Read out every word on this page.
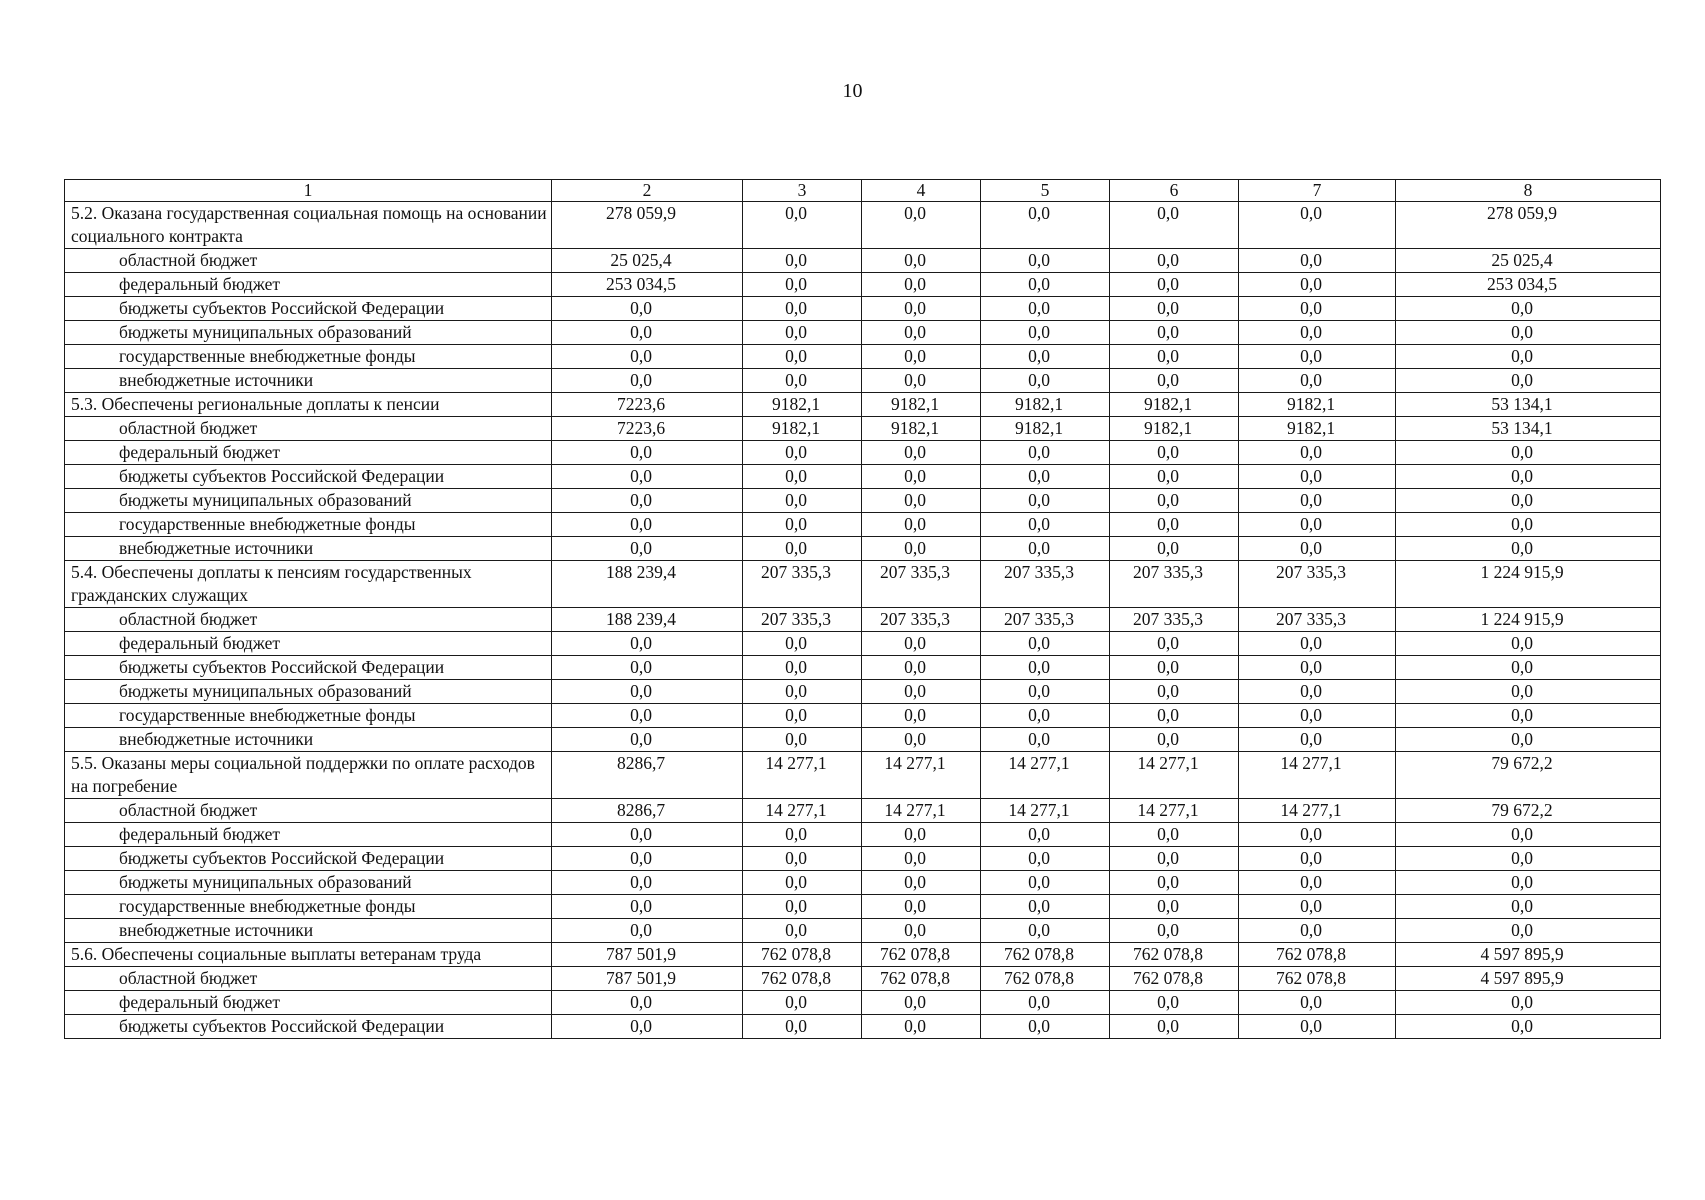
10
1	2	3	4	5	6	7	8
5.2. Оказана государственная социальная помощь на основании социального контракта	278 059,9	0,0	0,0	0,0	0,0	0,0	278 059,9
областной бюджет	25 025,4	0,0	0,0	0,0	0,0	0,0	25 025,4
федеральный бюджет	253 034,5	0,0	0,0	0,0	0,0	0,0	253 034,5
бюджеты субъектов Российской Федерации	0,0	0,0	0,0	0,0	0,0	0,0	0,0
бюджеты муниципальных образований	0,0	0,0	0,0	0,0	0,0	0,0	0,0
государственные внебюджетные фонды	0,0	0,0	0,0	0,0	0,0	0,0	0,0
внебюджетные источники	0,0	0,0	0,0	0,0	0,0	0,0	0,0
5.3. Обеспечены региональные доплаты к пенсии	7223,6	9182,1	9182,1	9182,1	9182,1	9182,1	53 134,1
областной бюджет	7223,6	9182,1	9182,1	9182,1	9182,1	9182,1	53 134,1
федеральный бюджет	0,0	0,0	0,0	0,0	0,0	0,0	0,0
бюджеты субъектов Российской Федерации	0,0	0,0	0,0	0,0	0,0	0,0	0,0
бюджеты муниципальных образований	0,0	0,0	0,0	0,0	0,0	0,0	0,0
государственные внебюджетные фонды	0,0	0,0	0,0	0,0	0,0	0,0	0,0
внебюджетные источники	0,0	0,0	0,0	0,0	0,0	0,0	0,0
5.4. Обеспечены доплаты к пенсиям государственных гражданских служащих	188 239,4	207 335,3	207 335,3	207 335,3	207 335,3	207 335,3	1 224 915,9
областной бюджет	188 239,4	207 335,3	207 335,3	207 335,3	207 335,3	207 335,3	1 224 915,9
федеральный бюджет	0,0	0,0	0,0	0,0	0,0	0,0	0,0
бюджеты субъектов Российской Федерации	0,0	0,0	0,0	0,0	0,0	0,0	0,0
бюджеты муниципальных образований	0,0	0,0	0,0	0,0	0,0	0,0	0,0
государственные внебюджетные фонды	0,0	0,0	0,0	0,0	0,0	0,0	0,0
внебюджетные источники	0,0	0,0	0,0	0,0	0,0	0,0	0,0
5.5. Оказаны меры социальной поддержки по оплате расходов на погребение	8286,7	14 277,1	14 277,1	14 277,1	14 277,1	14 277,1	79 672,2
областной бюджет	8286,7	14 277,1	14 277,1	14 277,1	14 277,1	14 277,1	79 672,2
федеральный бюджет	0,0	0,0	0,0	0,0	0,0	0,0	0,0
бюджеты субъектов Российской Федерации	0,0	0,0	0,0	0,0	0,0	0,0	0,0
бюджеты муниципальных образований	0,0	0,0	0,0	0,0	0,0	0,0	0,0
государственные внебюджетные фонды	0,0	0,0	0,0	0,0	0,0	0,0	0,0
внебюджетные источники	0,0	0,0	0,0	0,0	0,0	0,0	0,0
5.6. Обеспечены социальные выплаты ветеранам труда	787 501,9	762 078,8	762 078,8	762 078,8	762 078,8	762 078,8	4 597 895,9
областной бюджет	787 501,9	762 078,8	762 078,8	762 078,8	762 078,8	762 078,8	4 597 895,9
федеральный бюджет	0,0	0,0	0,0	0,0	0,0	0,0	0,0
бюджеты субъектов Российской Федерации	0,0	0,0	0,0	0,0	0,0	0,0	0,0
